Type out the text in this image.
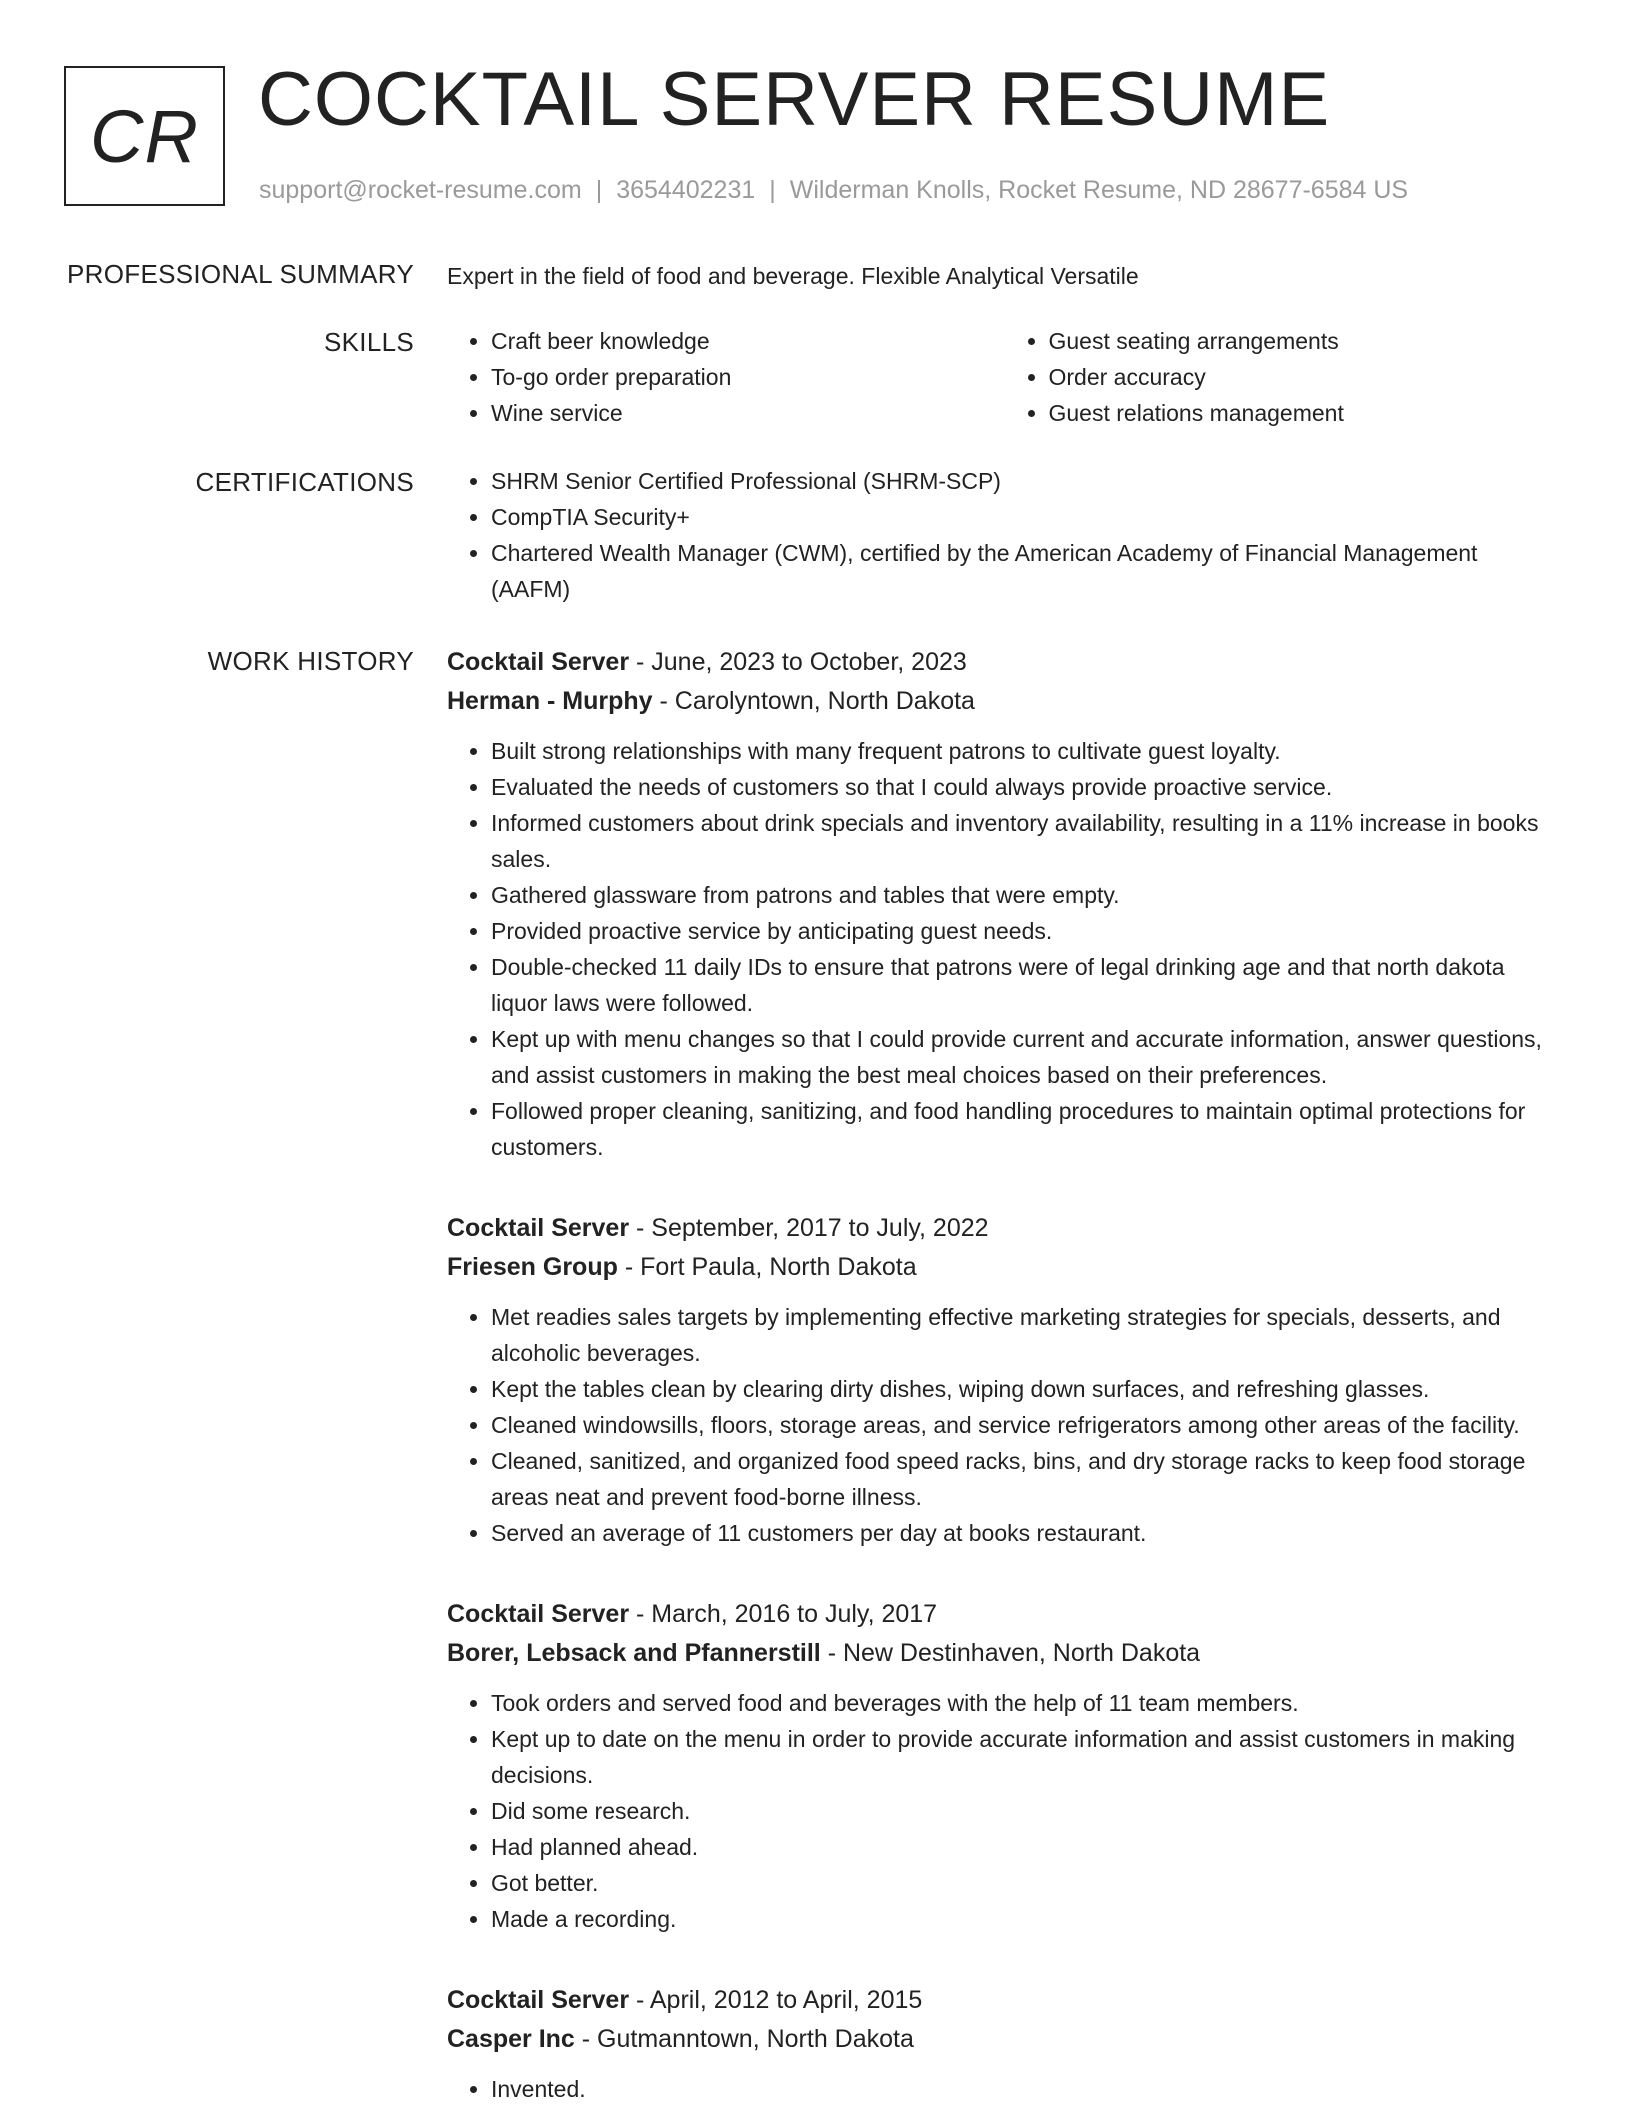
CR COCKTAIL SERVER RESUME
support@rocket-resume.com | 3654402231 | Wilderman Knolls, Rocket Resume, ND 28677-6584 US
PROFESSIONAL SUMMARY Expert in the field of food and beverage. Flexible Analytical Versatile

SKILLS	• Craft beer knowledge
• To-go order preparation
• Wine service
• Guest seating arrangements
• Order accuracy
• Guest relations management
CERTIFICATIONS	• SHRM Senior Certified Professional (SHRM-SCP)
• CompTIA Security+
• Chartered Wealth Manager (CWM), certified by the American Academy of Financial Management (AAFM)
WORK HISTORY Cocktail Server - June, 2023 to October, 2023
Herman - Murphy - Carolyntown, North Dakota
• Built strong relationships with many frequent patrons to cultivate guest loyalty.
• Evaluated the needs of customers so that I could always provide proactive service.
• Informed customers about drink specials and inventory availability, resulting in a 11% increase in books sales.
• Gathered glassware from patrons and tables that were empty.
• Provided proactive service by anticipating guest needs.
• Double-checked 11 daily IDs to ensure that patrons were of legal drinking age and that north dakota liquor laws were followed.
• Kept up with menu changes so that I could provide current and accurate information, answer questions, and assist customers in making the best meal choices based on their preferences.
• Followed proper cleaning, sanitizing, and food handling procedures to maintain optimal protections for customers.
Cocktail Server - September, 2017 to July, 2022
Friesen Group - Fort Paula, North Dakota
• Met readies sales targets by implementing effective marketing strategies for specials, desserts, and alcoholic beverages.
• Kept the tables clean by clearing dirty dishes, wiping down surfaces, and refreshing glasses.
• Cleaned windowsills, floors, storage areas, and service refrigerators among other areas of the facility.
• Cleaned, sanitized, and organized food speed racks, bins, and dry storage racks to keep food storage areas neat and prevent food-borne illness.
• Served an average of 11 customers per day at books restaurant.
Cocktail Server - March, 2016 to July, 2017
Borer, Lebsack and Pfannerstill - New Destinhaven, North Dakota
• Took orders and served food and beverages with the help of 11 team members.
• Kept up to date on the menu in order to provide accurate information and assist customers in making decisions.
• Did some research.
• Had planned ahead.
• Got better.
• Made a recording.
Cocktail Server - April, 2012 to April, 2015
Casper Inc - Gutmanntown, North Dakota
• Invented.
